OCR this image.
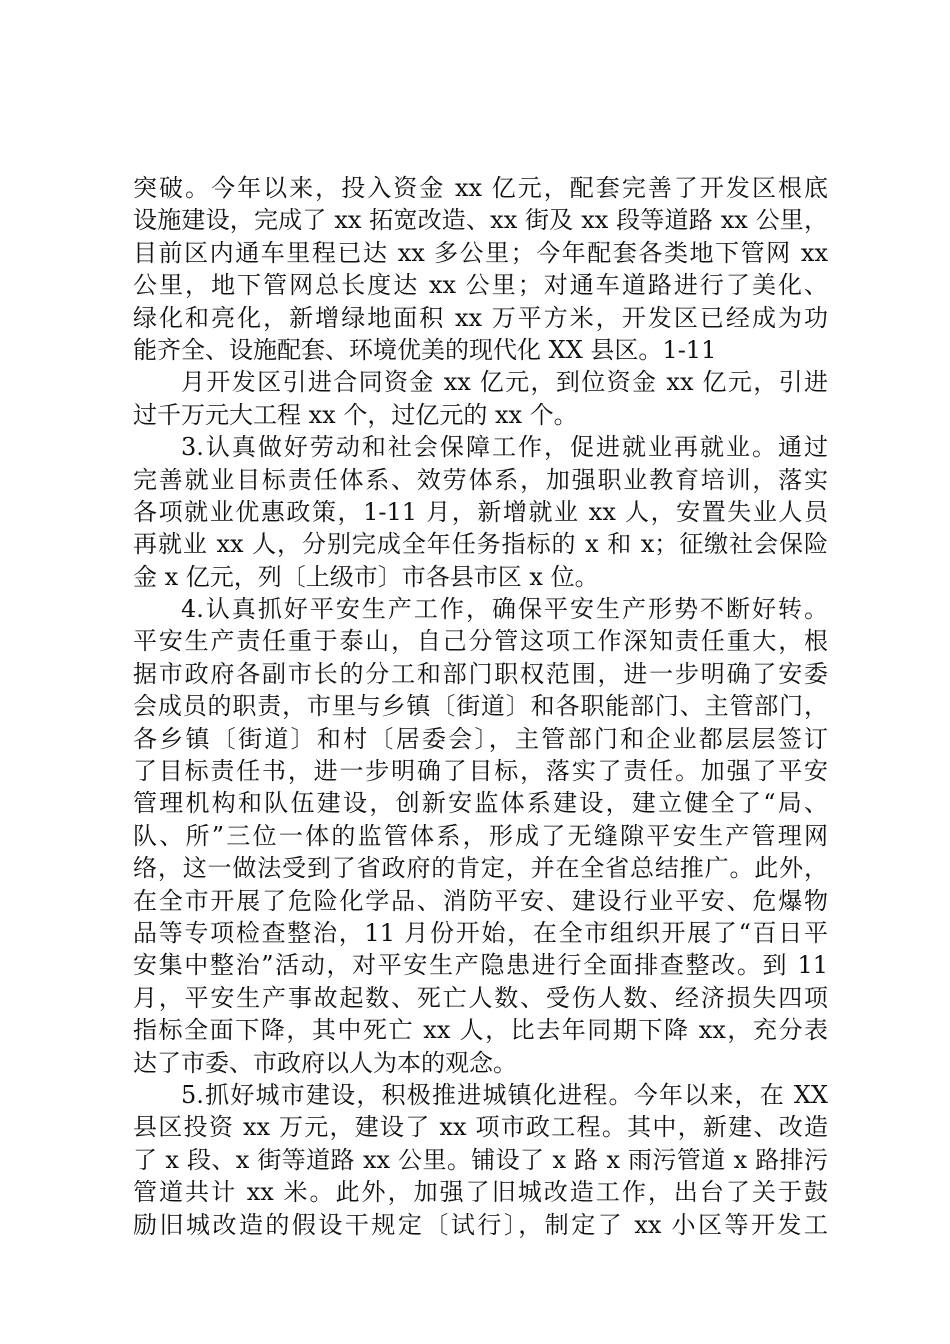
突破。今年以来，投入资金 xx 亿元，配套完善了开发区根底
设施建设，完成了 xx 拓宽改造、xx 街及 xx 段等道路 xx 公里，
目前区内通车里程已达 xx 多公里；今年配套各类地下管网 xx
公里，地下管网总长度达 xx 公里；对通车道路进行了美化、
绿化和亮化，新增绿地面积 xx 万平方米，开发区已经成为功
能齐全、设施配套、环境优美的现代化 XX 县区。1-11
月开发区引进合同资金 xx 亿元，到位资金 xx 亿元，引进
过千万元大工程 xx 个，过亿元的 xx 个。
3.认真做好劳动和社会保障工作，促进就业再就业。通过
完善就业目标责任体系、效劳体系，加强职业教育培训，落实
各项就业优惠政策，1-11 月，新增就业 xx 人，安置失业人员
再就业 xx 人，分别完成全年任务指标的 x 和 x；征缴社会保险
金 x 亿元，列〔上级市〕市各县市区 x 位。
4.认真抓好平安生产工作，确保平安生产形势不断好转。
平安生产责任重于泰山，自己分管这项工作深知责任重大，根
据市政府各副市长的分工和部门职权范围，进一步明确了安委
会成员的职责，市里与乡镇〔街道〕和各职能部门、主管部门，
各乡镇〔街道〕和村〔居委会〕，主管部门和企业都层层签订
了目标责任书，进一步明确了目标，落实了责任。加强了平安
管理机构和队伍建设，创新安监体系建设，建立健全了“局、
队、所”三位一体的监管体系，形成了无缝隙平安生产管理网
络，这一做法受到了省政府的肯定，并在全省总结推广。此外，
在全市开展了危险化学品、消防平安、建设行业平安、危爆物
品等专项检查整治，11 月份开始，在全市组织开展了“百日平
安集中整治”活动，对平安生产隐患进行全面排查整改。到 11
月，平安生产事故起数、死亡人数、受伤人数、经济损失四项
指标全面下降，其中死亡 xx 人，比去年同期下降 xx，充分表
达了市委、市政府以人为本的观念。
5.抓好城市建设，积极推进城镇化进程。今年以来，在 XX
县区投资 xx 万元，建设了 xx 项市政工程。其中，新建、改造
了 x 段、x 街等道路 xx 公里。铺设了 x 路 x 雨污管道 x 路排污
管道共计 xx 米。此外，加强了旧城改造工作，出台了关于鼓
励旧城改造的假设干规定〔试行〕，制定了 xx 小区等开发工
